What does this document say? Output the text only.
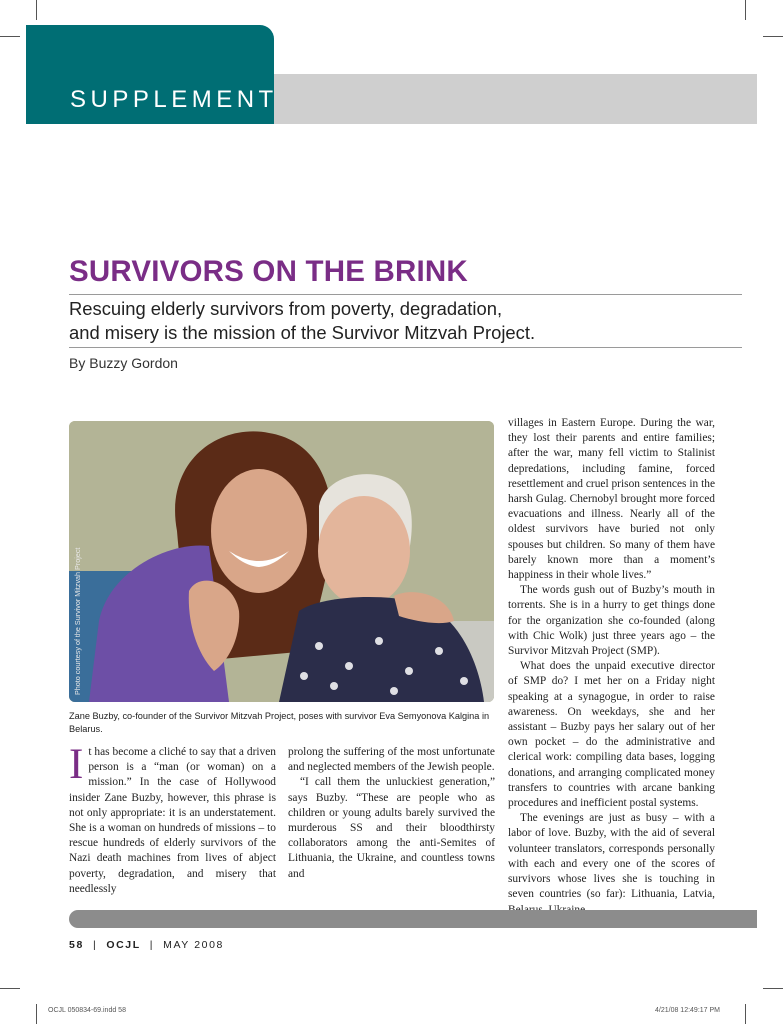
SUPPLEMENT
SURVIVORS ON THE BRINK
Rescuing elderly survivors from poverty, degradation,
and misery is the mission of the Survivor Mitzvah Project.
By Buzzy Gordon
Photo courtesy of the Survivor Mitzvah Project
Zane Buzby, co-founder of the Survivor Mitzvah Project, poses with survivor Eva Semyonova Kalgina in Belarus.

It has become a cliché to say that a driven person is a “man (or woman) on a mission.” In the case of Hollywood insider Zane Buzby, however, this phrase is not only appropriate: it is an understatement. She is a woman on hundreds of missions – to rescue hundreds of elderly survivors of the Nazi death machines from lives of abject poverty, degradation, and misery that needlessly

prolong the suffering of the most unfortunate and neglected members of the Jewish people.

“I call them the unluckiest generation,” says Buzby. “These are people who as children or young adults barely survived the murderous SS and their bloodthirsty collaborators among the anti-Semites of Lithuania, the Ukraine, and countless towns and

villages in Eastern Europe. During the war, they lost their parents and entire families; after the war, many fell victim to Stalinist depredations, including famine, forced resettlement and cruel prison sentences in the harsh Gulag. Chernobyl brought more forced evacuations and illness. Nearly all of the oldest survivors have buried not only spouses but children. So many of them have barely known more than a moment’s happiness in their whole lives.”

The words gush out of Buzby’s mouth in torrents. She is in a hurry to get things done for the organization she co-founded (along with Chic Wolk) just three years ago – the Survivor Mitzvah Project (SMP).

What does the unpaid executive director of SMP do? I met her on a Friday night speaking at a synagogue, in order to raise awareness. On weekdays, she and her assistant – Buzby pays her salary out of her own pocket – do the administrative and clerical work: compiling data bases, logging donations, and arranging complicated money transfers to countries with arcane banking procedures and inefficient postal systems.

The evenings are just as busy – with a labor of love. Buzby, with the aid of several volunteer translators, corresponds personally with each and every one of the scores of survivors whose lives she is touching in seven countries (so far): Lithuania, Latvia,

58 | OCJL | MAY 2008
OCJL 050834-69.indd 58	4/21/08 12:49:17 PM
